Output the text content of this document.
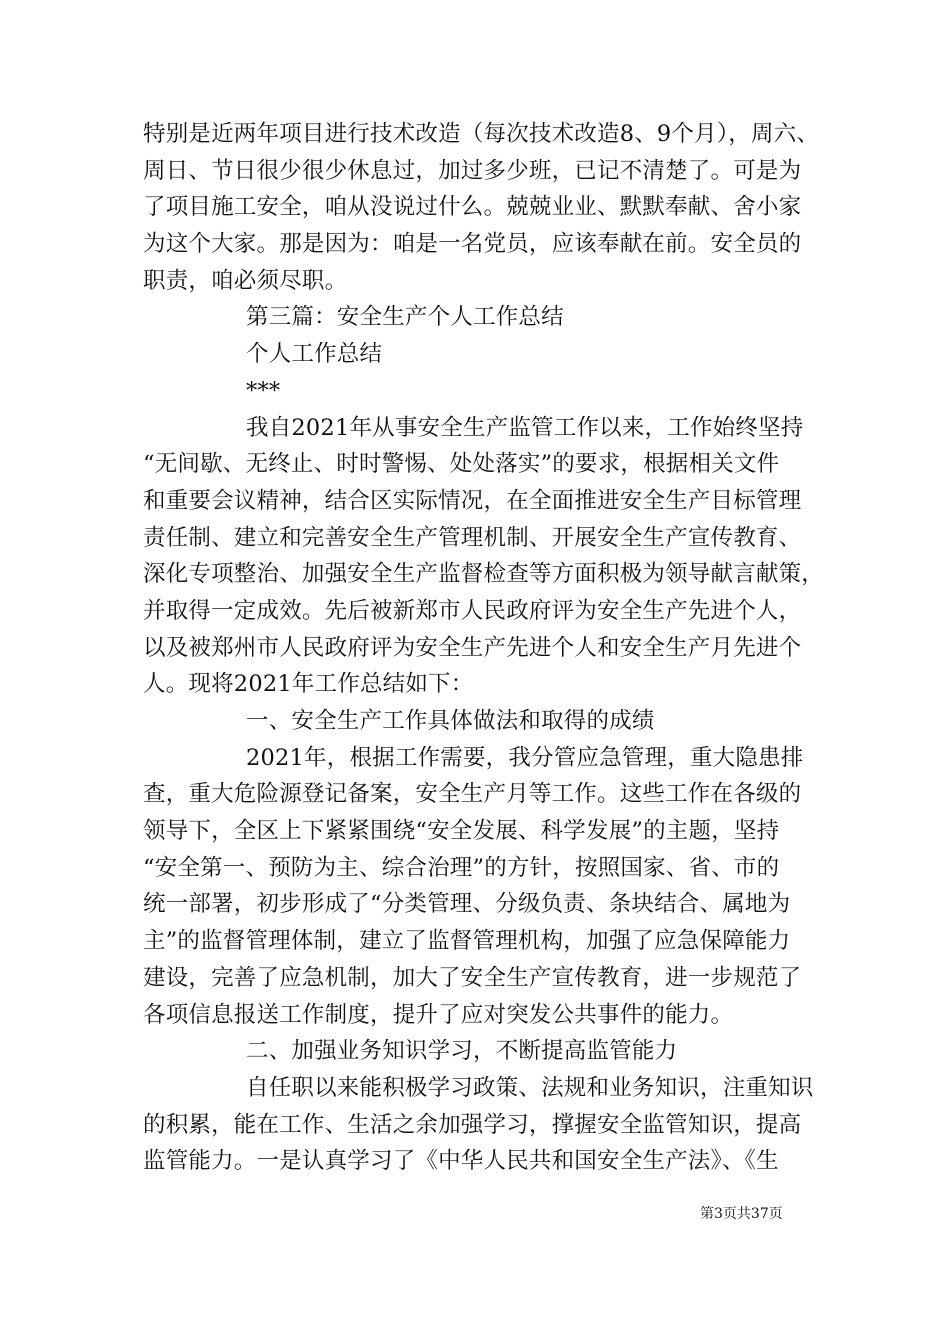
特别是近两年项目进行技术改造（每次技术改造8、9个月），周六、
周日、节日很少很少休息过，加过多少班，已记不清楚了。可是为
了项目施工安全，咱从没说过什么。兢兢业业、默默奉献、舍小家
为这个大家。那是因为：咱是一名党员，应该奉献在前。安全员的
职责，咱必须尽职。
第三篇：安全生产个人工作总结
个人工作总结
***
我自2021年从事安全生产监管工作以来，工作始终坚持
“无间歇、无终止、时时警惕、处处落实”的要求，根据相关文件
和重要会议精神，结合区实际情况，在全面推进安全生产目标管理
责任制、建立和完善安全生产管理机制、开展安全生产宣传教育、
深化专项整治、加强安全生产监督检查等方面积极为领导献言献策，
并取得一定成效。先后被新郑市人民政府评为安全生产先进个人，
以及被郑州市人民政府评为安全生产先进个人和安全生产月先进个
人。现将2021年工作总结如下：
一、安全生产工作具体做法和取得的成绩
2021年，根据工作需要，我分管应急管理，重大隐患排
查，重大危险源登记备案，安全生产月等工作。这些工作在各级的
领导下，全区上下紧紧围绕“安全发展、科学发展”的主题，坚持
“安全第一、预防为主、综合治理”的方针，按照国家、省、市的
统一部署，初步形成了“分类管理、分级负责、条块结合、属地为
主”的监督管理体制，建立了监督管理机构，加强了应急保障能力
建设，完善了应急机制，加大了安全生产宣传教育，进一步规范了
各项信息报送工作制度，提升了应对突发公共事件的能力。
二、加强业务知识学习，不断提高监管能力
自任职以来能积极学习政策、法规和业务知识，注重知识
的积累，能在工作、生活之余加强学习，撑握安全监管知识，提高
监管能力。一是认真学习了《中华人民共和国安全生产法》、《生
第3页共37页
